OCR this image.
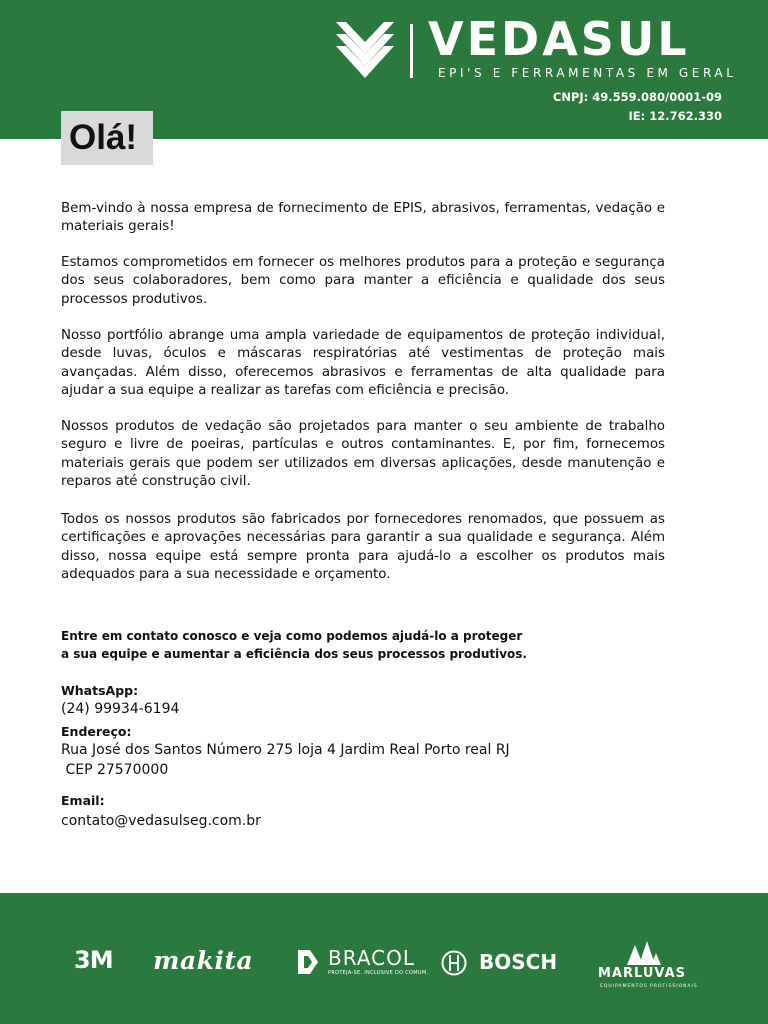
VEDASUL
EPI'S E FERRAMENTAS EM GERAL
CNPJ: 49.559.080/0001-09
IE: 12.762.330
Olá!

Bem-vindo à nossa empresa de fornecimento de EPIS, abrasivos, ferramentas, vedação e materiais gerais!

Estamos comprometidos em fornecer os melhores produtos para a proteção e segurança dos seus colaboradores, bem como para manter a eficiência e qualidade dos seus processos produtivos.

Nosso portfólio abrange uma ampla variedade de equipamentos de proteção individual, desde luvas, óculos e máscaras respiratórias até vestimentas de proteção mais avançadas. Além disso, oferecemos abrasivos e ferramentas de alta qualidade para ajudar a sua equipe a realizar as tarefas com eficiência e precisão.

Nossos produtos de vedação são projetados para manter o seu ambiente de trabalho seguro e livre de poeiras, partículas e outros contaminantes. E, por fim, fornecemos materiais gerais que podem ser utilizados em diversas aplicações, desde manutenção e reparos até construção civil.

Todos os nossos produtos são fabricados por fornecedores renomados, que possuem as certificações e aprovações necessárias para garantir a sua qualidade e segurança. Além disso, nossa equipe está sempre pronta para ajudá-lo a escolher os produtos mais adequados para a sua necessidade e orçamento.

Entre em contato conosco e veja como podemos ajudá-lo a proteger
a sua equipe e aumentar a eficiência dos seus processos produtivos.
WhatsApp:
(24) 99934-6194
Endereço:
Rua José dos Santos Número 275 loja 4 Jardim Real Porto real RJ
CEP 27570000
Email:
contato@vedasulseg.com.br
3M makita	BRACOL
PROTEJA-SE. INCLUSIVE DO COMUM.	BOSCH	MARLUVAS
EQUIPAMENTOS PROFISSIONAIS
